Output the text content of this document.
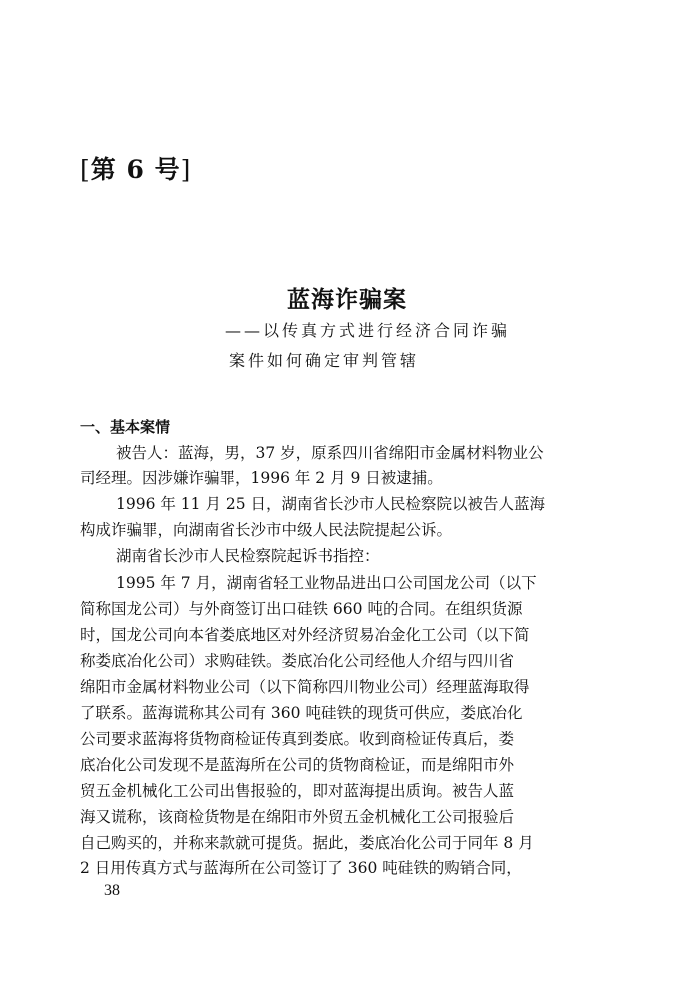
[第 6 号]
蓝海诈骗案
——以传真方式进行经济合同诈骗
案件如何确定审判管辖
一、基本案情
被告人：蓝海，男，37 岁，原系四川省绵阳市金属材料物业公
司经理。因涉嫌诈骗罪，1996 年 2 月 9 日被逮捕。
1996 年 11 月 25 日，湖南省长沙市人民检察院以被告人蓝海
构成诈骗罪，向湖南省长沙市中级人民法院提起公诉。
湖南省长沙市人民检察院起诉书指控：
1995 年 7 月，湖南省轻工业物品进出口公司国龙公司（以下
简称国龙公司）与外商签订出口硅铁 660 吨的合同。在组织货源
时，国龙公司向本省娄底地区对外经济贸易冶金化工公司（以下简
称娄底冶化公司）求购硅铁。娄底冶化公司经他人介绍与四川省
绵阳市金属材料物业公司（以下简称四川物业公司）经理蓝海取得
了联系。蓝海谎称其公司有 360 吨硅铁的现货可供应，娄底冶化
公司要求蓝海将货物商检证传真到娄底。收到商检证传真后，娄
底冶化公司发现不是蓝海所在公司的货物商检证，而是绵阳市外
贸五金机械化工公司出售报验的，即对蓝海提出质询。被告人蓝
海又谎称，该商检货物是在绵阳市外贸五金机械化工公司报验后
自己购买的，并称来款就可提货。据此，娄底冶化公司于同年 8 月
2 日用传真方式与蓝海所在公司签订了 360 吨硅铁的购销合同，
38
